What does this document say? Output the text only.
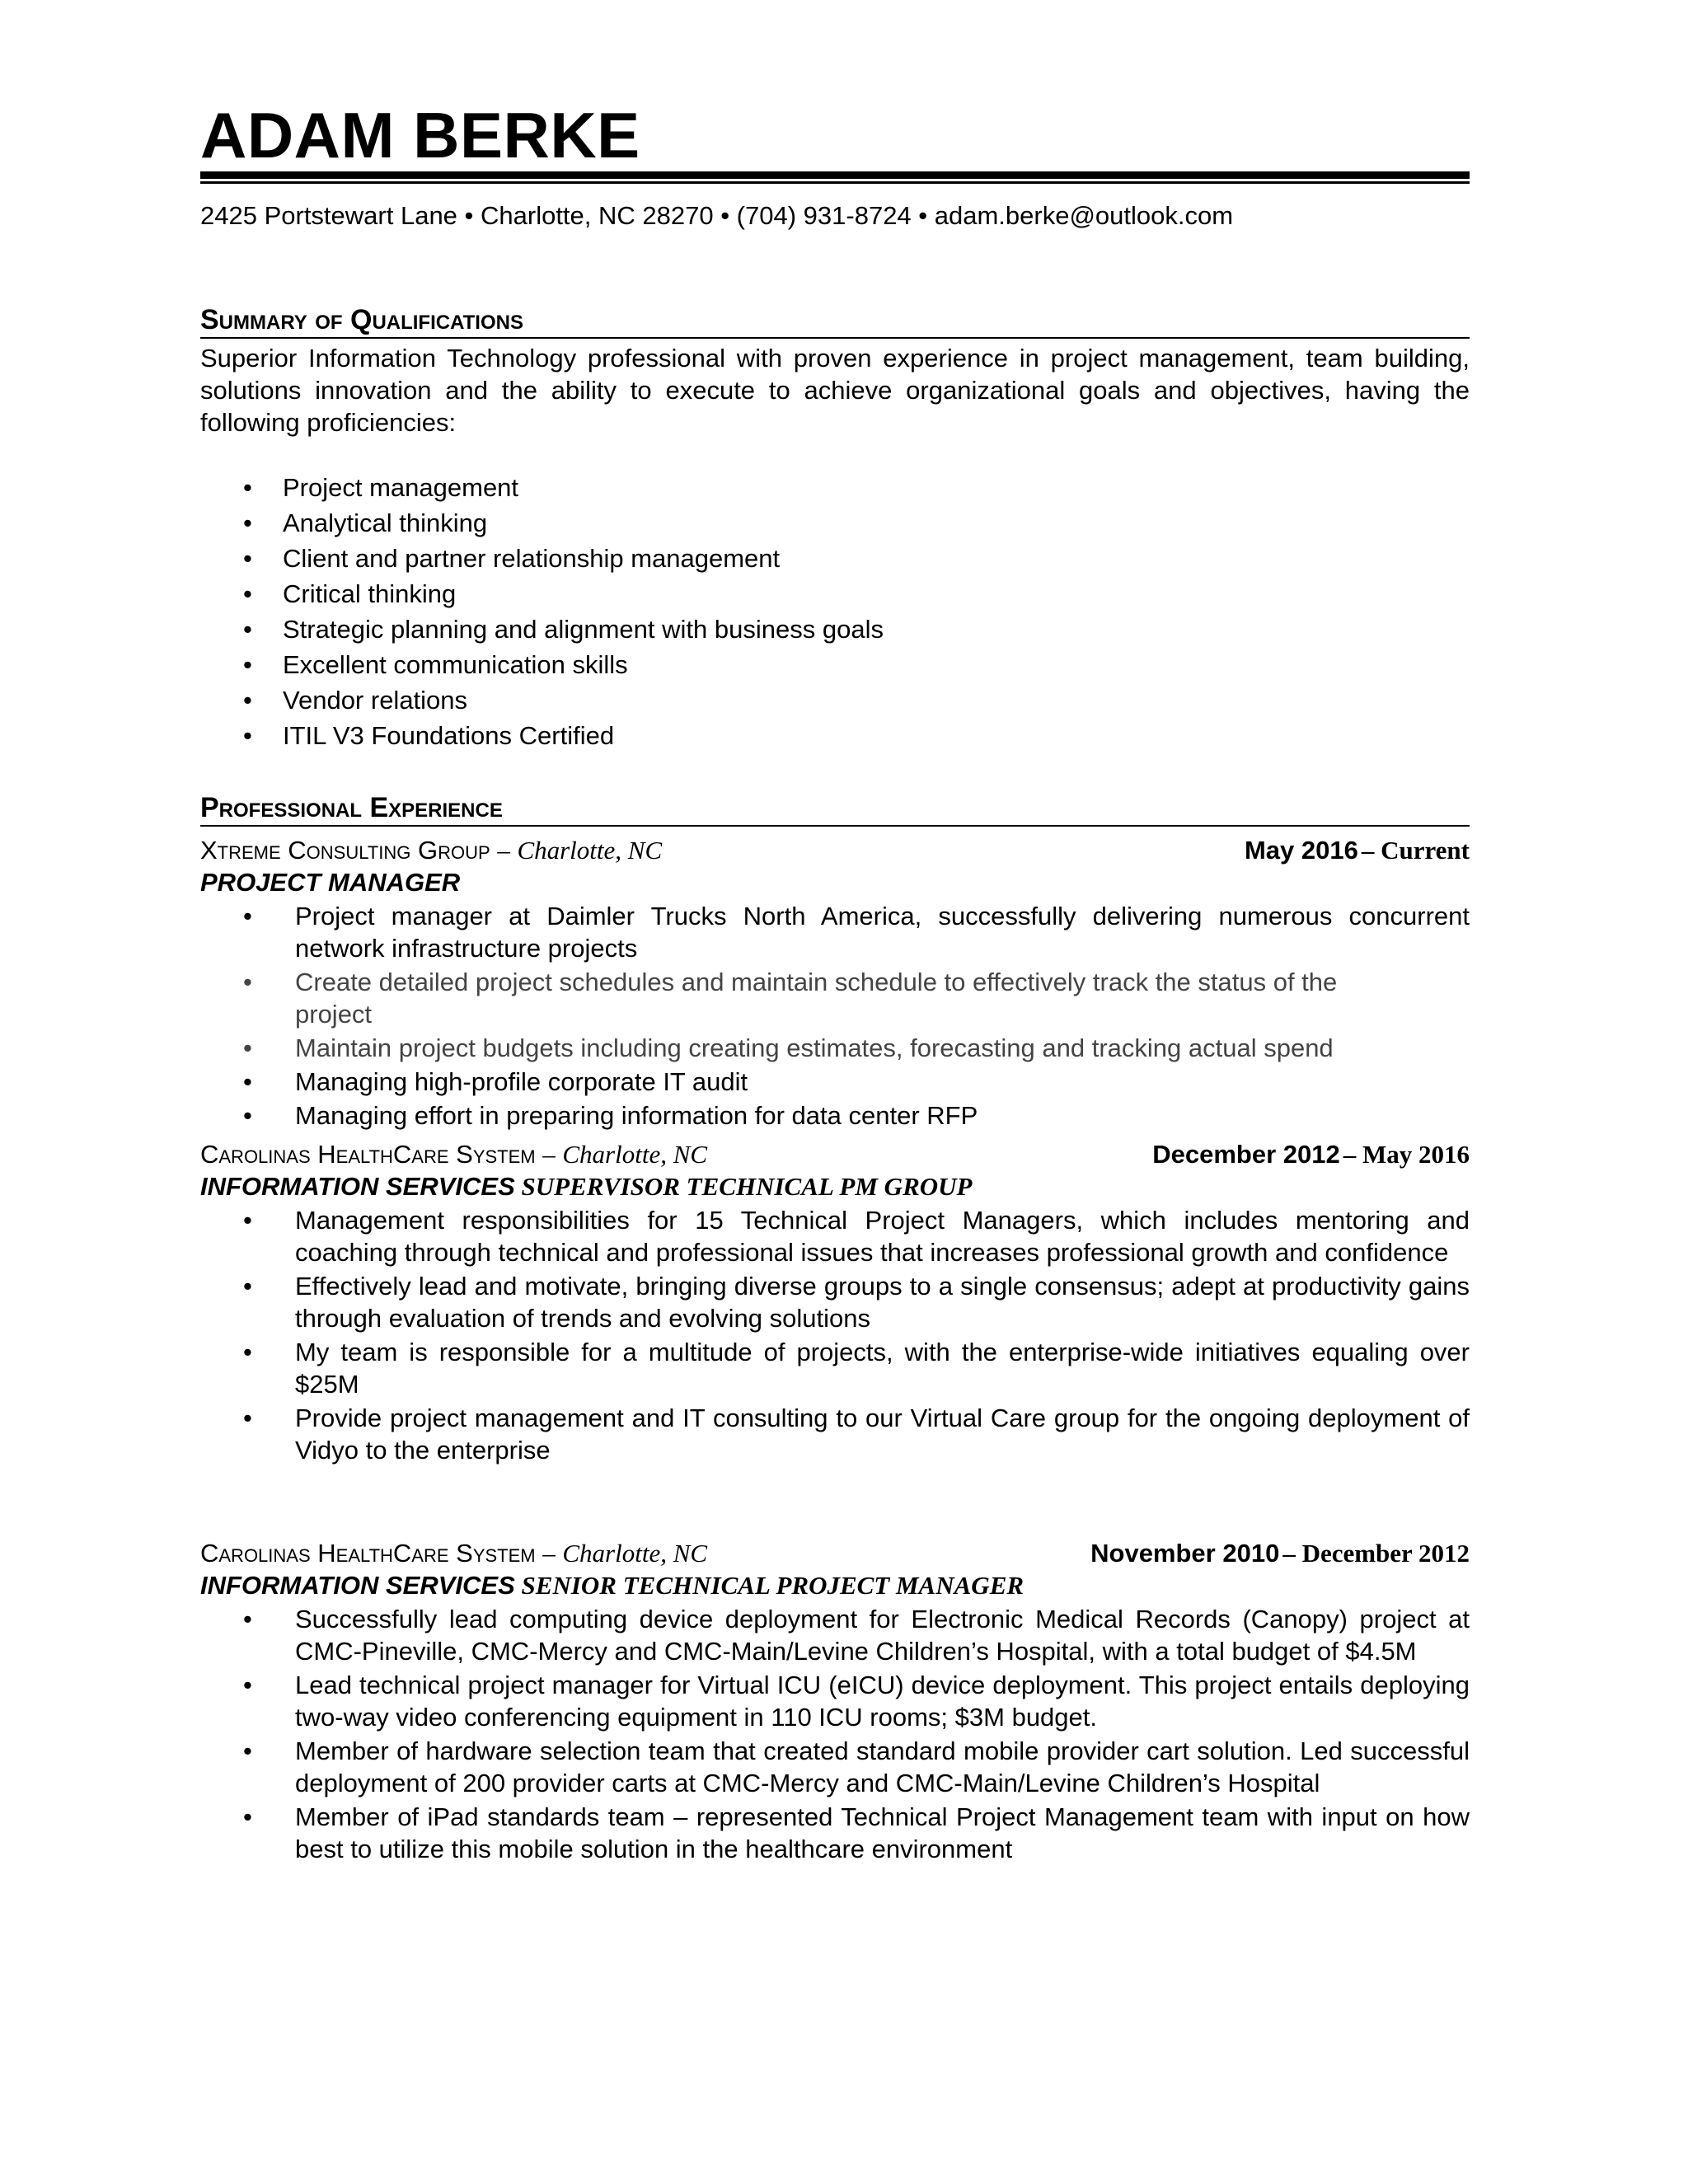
ADAM BERKE
2425 Portstewart Lane • Charlotte, NC 28270 • (704) 931-8724 • adam.berke@outlook.com
Summary of Qualifications

Superior Information Technology professional with proven experience in project management, team building, solutions innovation and the ability to execute to achieve organizational goals and objectives, having the following proficiencies:

• Project management
• Analytical thinking
• Client and partner relationship management
• Critical thinking
• Strategic planning and alignment with business goals
• Excellent communication skills
• Vendor relations
• ITIL V3 Foundations Certified
Professional Experience
Xtreme Consulting Group – Charlotte, NC	May 2016 – Current
PROJECT MANAGER
• Project manager at Daimler Trucks North America, successfully delivering numerous concurrent network infrastructure projects
• Create detailed project schedules and maintain schedule to effectively track the status of the project
• Maintain project budgets including creating estimates, forecasting and tracking actual spend
• Managing high-profile corporate IT audit
• Managing effort in preparing information for data center RFP
Carolinas HealthCare System – Charlotte, NC	December 2012 – May 2016
INFORMATION SERVICES SUPERVISOR TECHNICAL PM GROUP
• Management responsibilities for 15 Technical Project Managers, which includes mentoring and coaching through technical and professional issues that increases professional growth and confidence
• Effectively lead and motivate, bringing diverse groups to a single consensus; adept at productivity gains through evaluation of trends and evolving solutions
• My team is responsible for a multitude of projects, with the enterprise-wide initiatives equaling over $25M
• Provide project management and IT consulting to our Virtual Care group for the ongoing deployment of Vidyo to the enterprise
Carolinas HealthCare System – Charlotte, NC	November 2010 – December 2012
INFORMATION SERVICES SENIOR TECHNICAL PROJECT MANAGER
• Successfully lead computing device deployment for Electronic Medical Records (Canopy) project at CMC-Pineville, CMC-Mercy and CMC-Main/Levine Children’s Hospital, with a total budget of $4.5M
• Lead technical project manager for Virtual ICU (eICU) device deployment. This project entails deploying two-way video conferencing equipment in 110 ICU rooms; $3M budget.
• Member of hardware selection team that created standard mobile provider cart solution. Led successful deployment of 200 provider carts at CMC-Mercy and CMC-Main/Levine Children’s Hospital
• Member of iPad standards team – represented Technical Project Management team with input on how best to utilize this mobile solution in the healthcare environment
